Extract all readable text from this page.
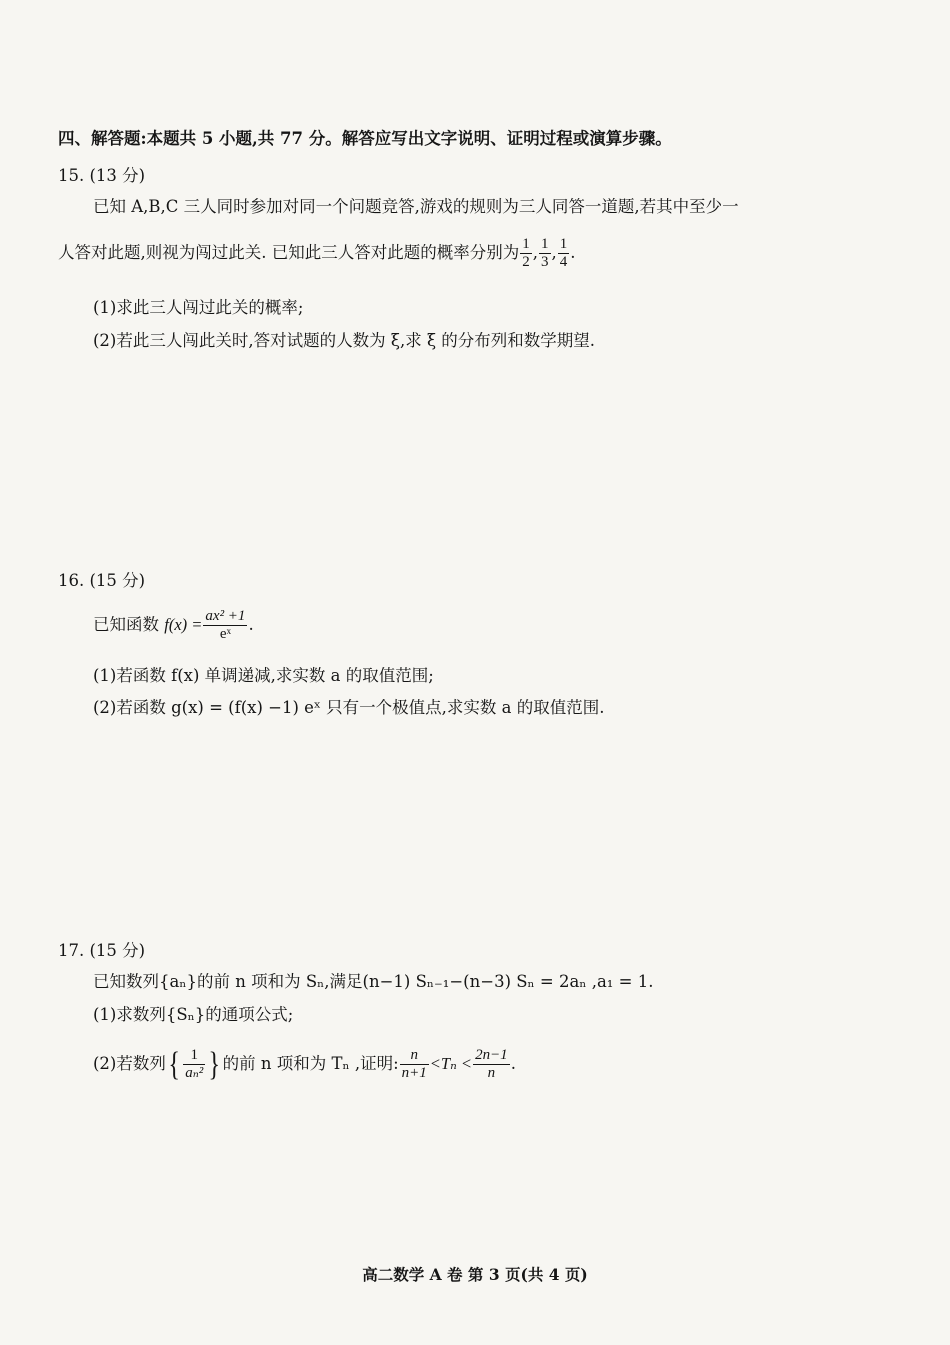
四、解答题:本题共 5 小题,共 77 分。解答应写出文字说明、证明过程或演算步骤。
15. (13 分)
已知 A,B,C 三人同时参加对同一个问题竞答,游戏的规则为三人同答一道题,若其中至少一
人答对此题,则视为闯过此关. 已知此三人答对此题的概率分别为 $\frac{1}{2}$ , $\frac{1}{3}$ , $\frac{1}{4}$ .
(1)求此三人闯过此关的概率;
(2)若此三人闯此关时,答对试题的人数为 ξ,求 ξ 的分布列和数学期望.
16. (15 分)
已知函数 $f(x) = \frac{\text{ax² +1}}{\text{eˣ}}$ .
(1)若函数 f(x) 单调递减,求实数 a 的取值范围;
(2)若函数 g(x) = (f(x) −1) eˣ 只有一个极值点,求实数 a 的取值范围.
17. (15 分)
已知数列{aₙ}的前 n 项和为 Sₙ,满足(n−1) Sₙ₋₁−(n−3) Sₙ = 2aₙ ,a₁ = 1.
(1)求数列{Sₙ}的通项公式;
(2)若数列{ $\frac{1}{\text{aₙ²}}$ } 的前 n 项和为 Tₙ ,证明: $\frac{n}{n+1} <T_n < \frac{2n-1}{n}$ .
高二数学 A 卷 第 3 页(共 4 页)
